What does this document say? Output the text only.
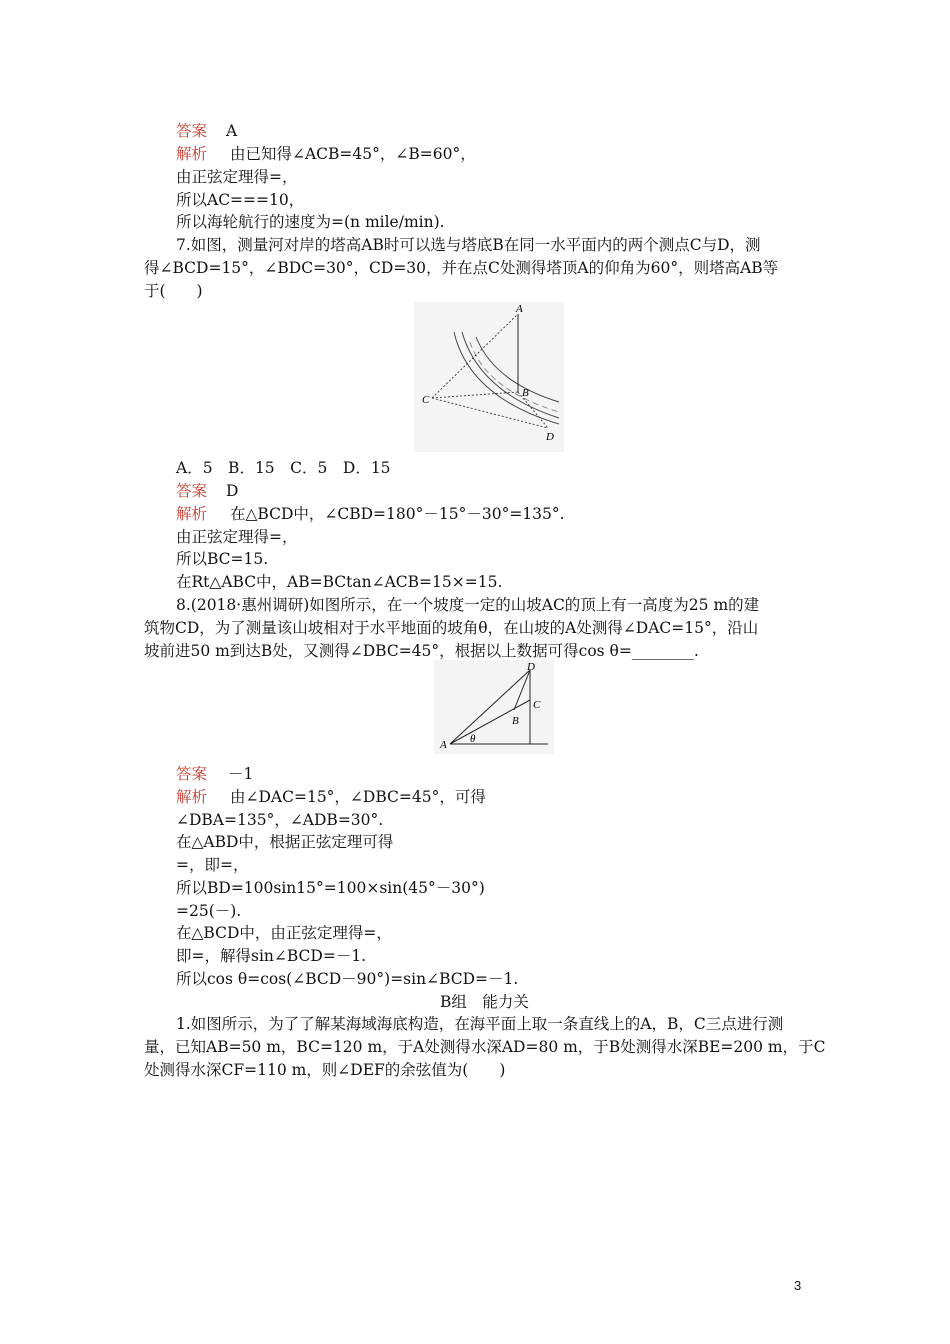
答案 A
解析 由已知得∠ACB=45°，∠B=60°，
由正弦定理得=，
所以AC===10，
所以海轮航行的速度为=(n mile/min).
7.如图，测量河对岸的塔高AB时可以选与塔底B在同一水平面内的两个测点C与D，测
得∠BCD=15°，∠BDC=30°，CD=30，并在点C处测得塔顶A的仰角为60°，则塔高AB等
于(　　)
A
B
C
D
A．5　B．15　C．5　D．15
答案 D
解析 在△BCD中，∠CBD=180°－15°－30°=135°.
由正弦定理得=，
所以BC=15.
在Rt△ABC中，AB=BCtan∠ACB=15×=15.
8.(2018·惠州调研)如图所示，在一个坡度一定的山坡AC的顶上有一高度为25 m的建
筑物CD，为了测量该山坡相对于水平地面的坡角θ，在山坡的A处测得∠DAC=15°，沿山
坡前进50 m到达B处，又测得∠DBC=45°，根据以上数据可得cos θ=________.
D
C
B
A θ
答案 －1
解析 由∠DAC=15°，∠DBC=45°，可得
∠DBA=135°，∠ADB=30°.
在△ABD中，根据正弦定理可得
=，即=，
所以BD=100sin15°=100×sin(45°－30°)
=25(－).
在△BCD中，由正弦定理得=，
即=，解得sin∠BCD=－1.
所以cos θ=cos(∠BCD－90°)=sin∠BCD=－1.
B组　能力关
1.如图所示，为了了解某海域海底构造，在海平面上取一条直线上的A，B，C三点进行测
量，已知AB=50 m，BC=120 m，于A处测得水深AD=80 m，于B处测得水深BE=200 m，于C
处测得水深CF=110 m，则∠DEF的余弦值为(　　)
3
